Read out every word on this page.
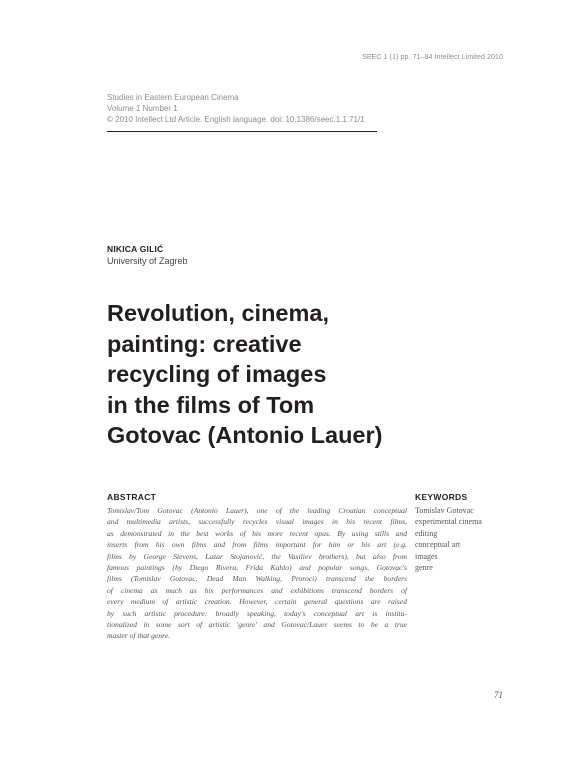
SEEC 1 (1) pp. 71–84 Intellect Limited 2010
Studies in Eastern European Cinema
Volume 1 Number 1
© 2010 Intellect Ltd Article. English language. doi: 10.1386/seec.1.1.71/1
NIKICA GILIĆ
University of Zagreb
Revolution, cinema,
painting: creative
recycling of images
in the films of Tom
Gotovac (Antonio Lauer)
ABSTRACT
Tomislav/Tom Gotovac (Antonio Lauer), one of the leading Croatian conceptual
and multimedia artists, successfully recycles visual images in his recent films,
as demonstrated in the best works of his more recent opus. By using stills and
inserts from his own films and from films important for him or his art (e.g.
films by George Stevens, Lazar Stojanović, the Vasiliev brothers), but also from
famous paintings (by Diego Rivera, Frida Kahlo) and popular songs, Gotovac's
films (Tomislav Gotovac, Dead Man Walking, Proroci) transcend the borders
of cinema as much as his performances and exhibitions transcend borders of
every medium of artistic creation. However, certain general questions are raised
by such artistic procedure: broadly speaking, today's conceptual art is institu-
tionalized in some sort of artistic 'genre' and Gotovac/Lauer seems to be a true
master of that genre.
KEYWORDS
Tomislav Gotovac
experimental cinema
editing
conceptual art
images
genre
71
